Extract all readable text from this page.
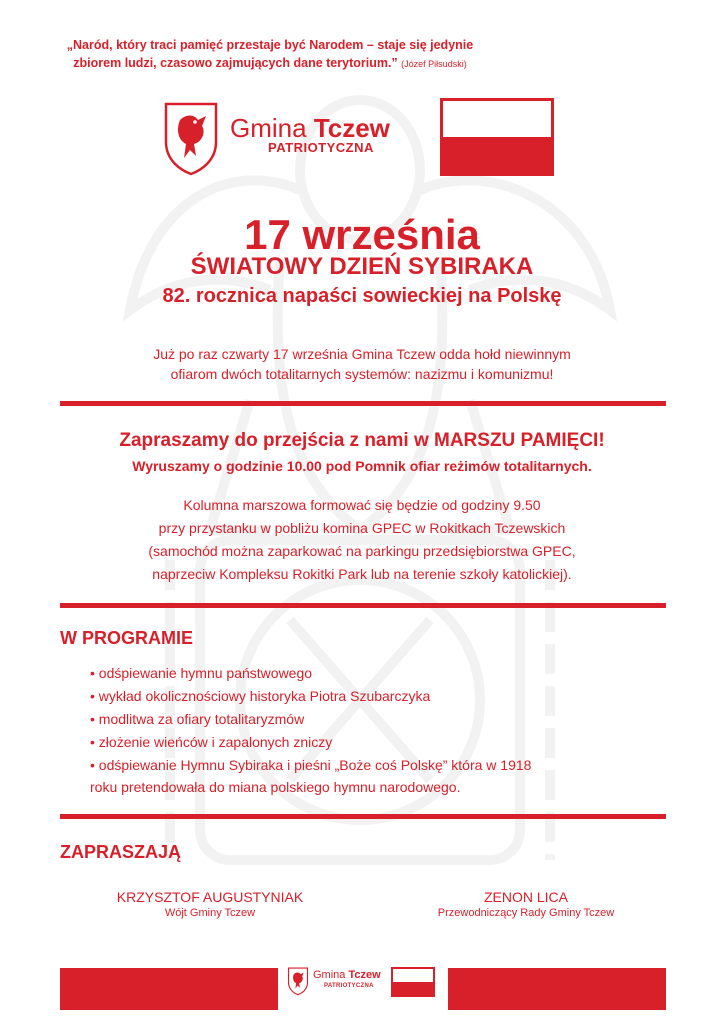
„Naród, który traci pamięć przestaje być Narodem – staje się jedynie
zbiorem ludzi, czasowo zajmujących dane terytorium.” (Józef Piłsudski)
Gmina Tczew
PATRIOTYCZNA
17 września
ŚWIATOWY DZIEŃ SYBIRAKA
82. rocznica napaści sowieckiej na Polskę
Już po raz czwarty 17 września Gmina Tczew odda hołd niewinnym
ofiarom dwóch totalitarnych systemów: nazizmu i komunizmu!
Zapraszamy do przejścia z nami w MARSZU PAMIĘCI!
Wyruszamy o godzinie 10.00 pod Pomnik ofiar reżimów totalitarnych.
Kolumna marszowa formować się będzie od godziny 9.50
przy przystanku w pobliżu komina GPEC w Rokitkach Tczewskich
(samochód można zaparkować na parkingu przedsiębiorstwa GPEC,
naprzeciw Kompleksu Rokitki Park lub na terenie szkoły katolickiej).
W PROGRAMIE
• odśpiewanie hymnu państwowego
• wykład okolicznościowy historyka Piotra Szubarczyka
• modlitwa za ofiary totalitaryzmów
• złożenie wieńców i zapalonych zniczy
• odśpiewanie Hymnu Sybiraka i pieśni „Boże coś Polskę” która w 1918
roku pretendowała do miana polskiego hymnu narodowego.
ZAPRASZAJĄ
KRZYSZTOF AUGUSTYNIAK
Wójt Gminy Tczew
ZENON LICA
Przewodniczący Rady Gminy Tczew
Gmina Tczew
PATRIOTYCZNA
